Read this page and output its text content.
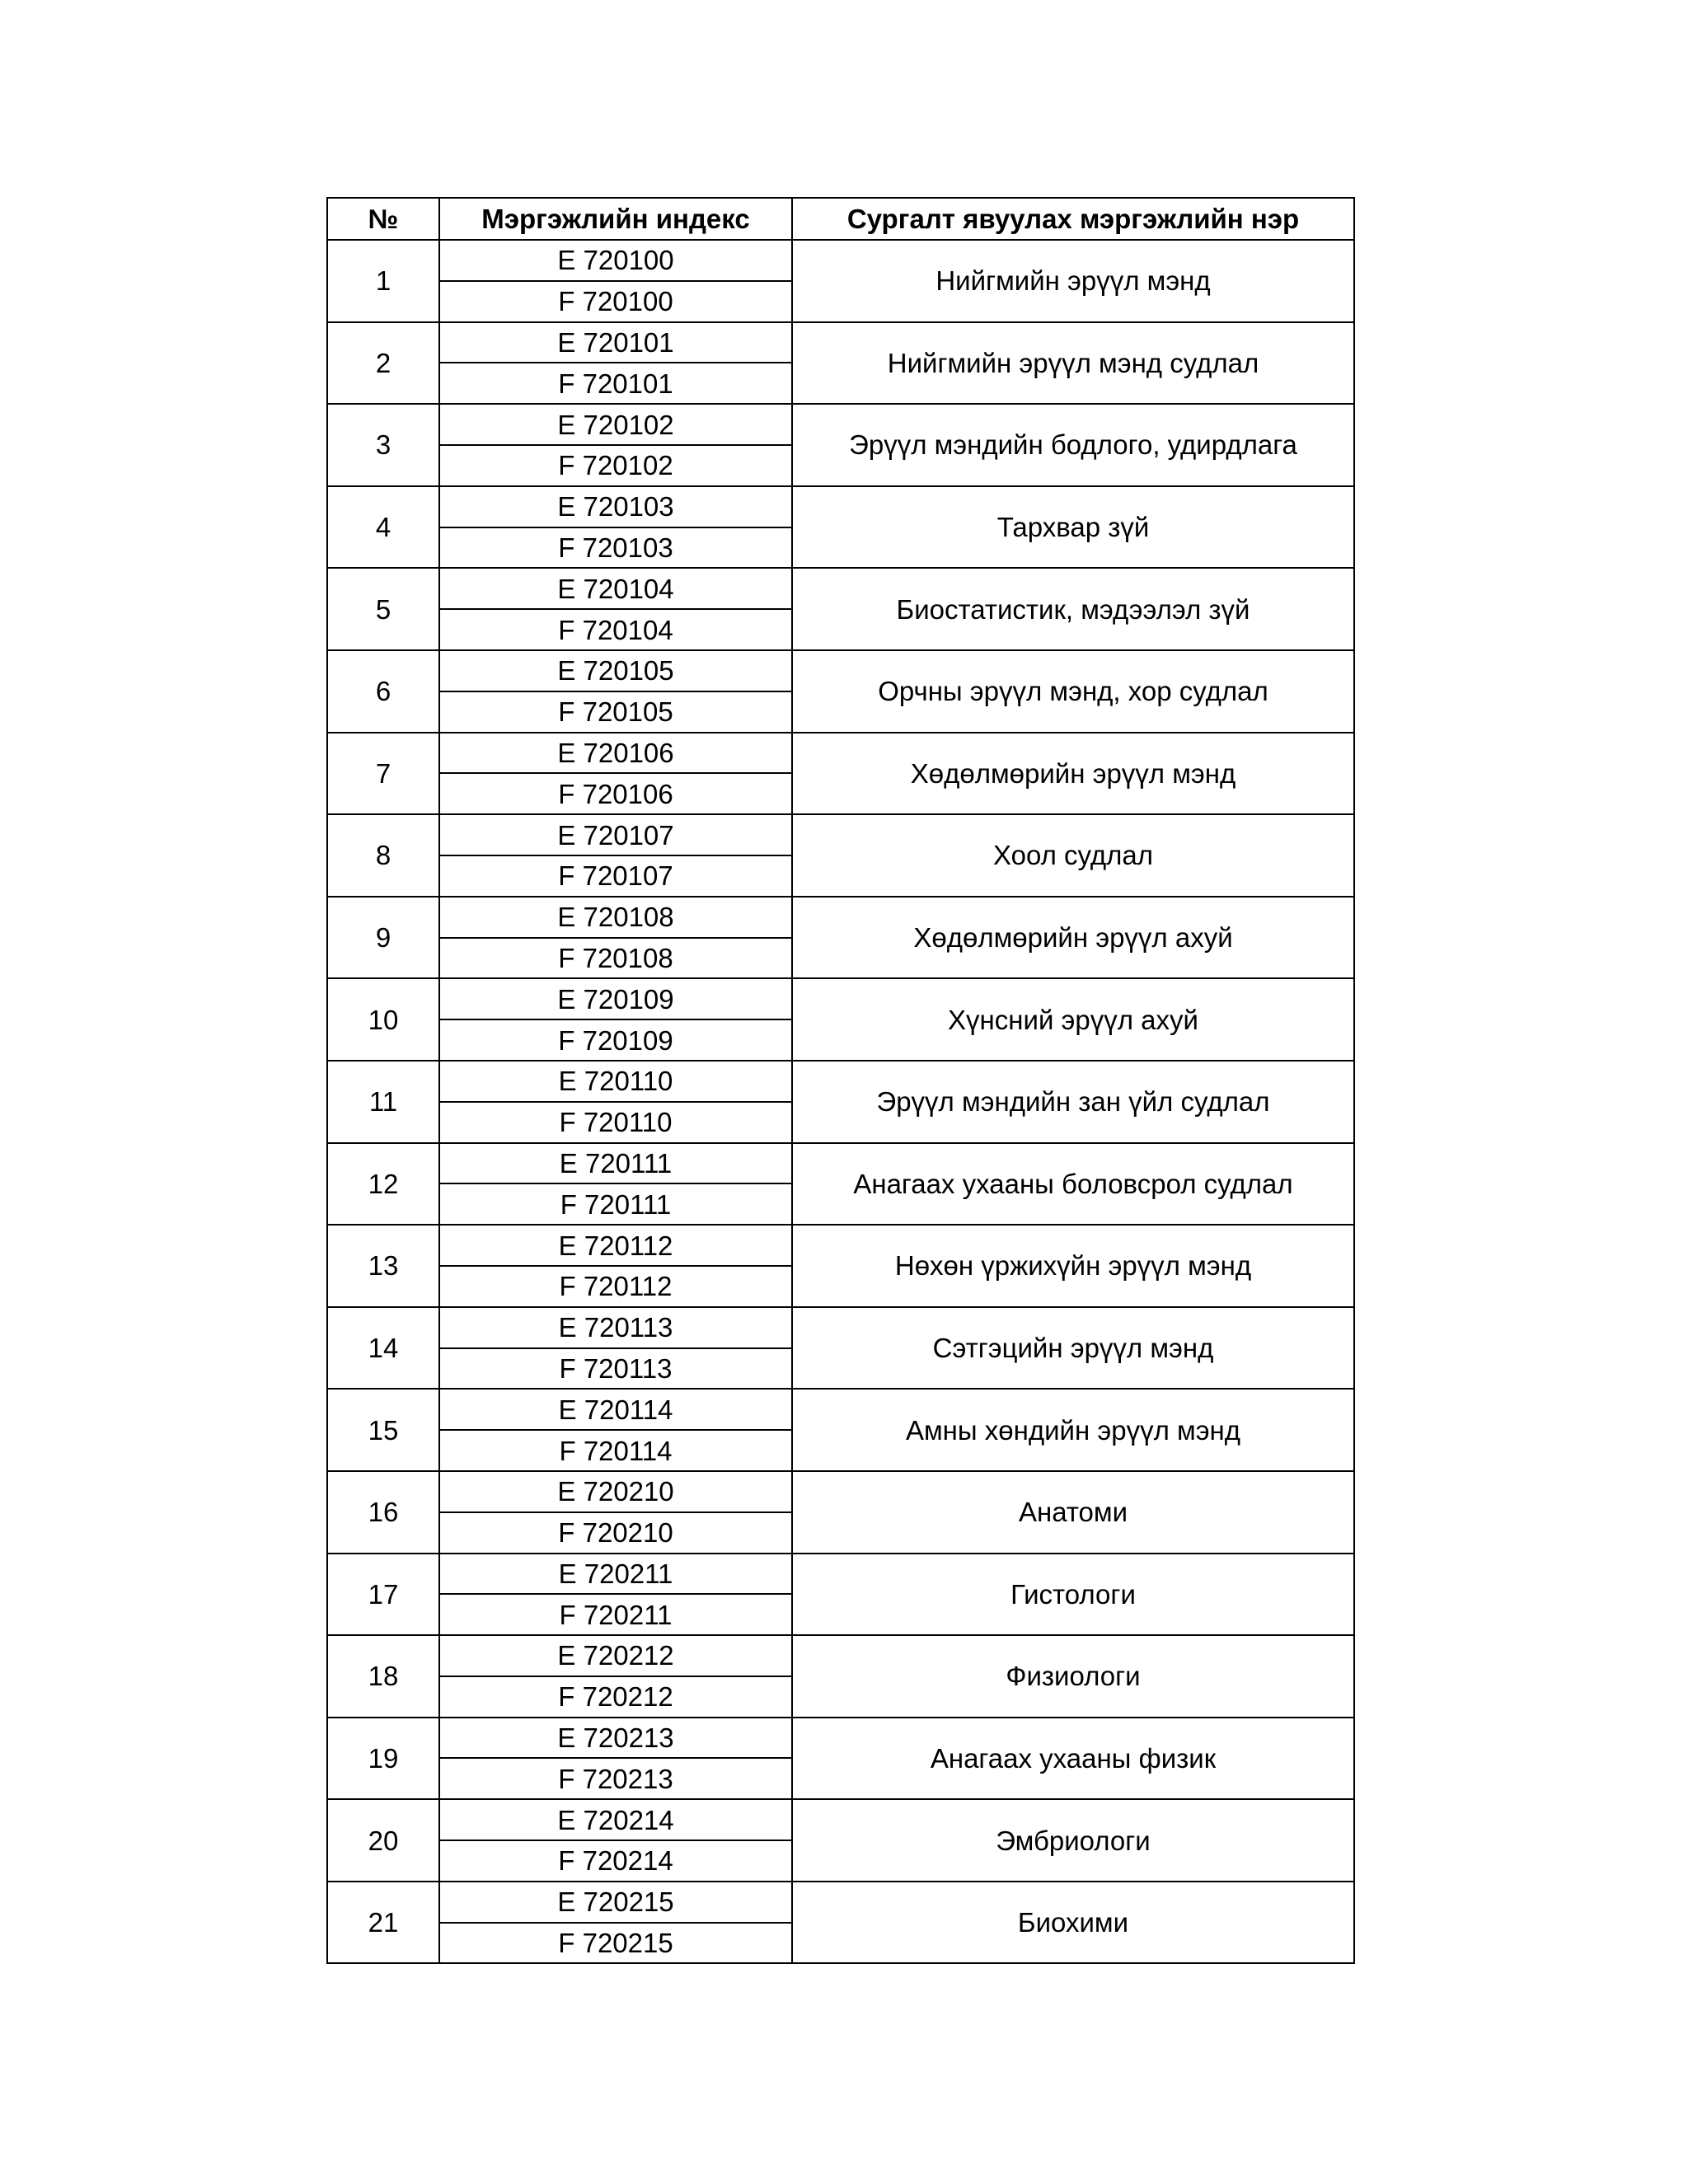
№	Мэргэжлийн индекс	Сургалт явуулах мэргэжлийн нэр
1	E 720100	Нийгмийн эрүүл мэнд
	F 720100	
2	E 720101	Нийгмийн эрүүл мэнд судлал
	F 720101	
3	E 720102	Эрүүл мэндийн бодлого, удирдлага
	F 720102	
4	E 720103	Тархвар зүй
	F 720103	
5	E 720104	Биостатистик, мэдээлэл зүй
	F 720104	
6	E 720105	Орчны эрүүл мэнд, хор судлал
	F 720105	
7	E 720106	Хөдөлмөрийн эрүүл мэнд
	F 720106	
8	E 720107	Хоол судлал
	F 720107	
9	E 720108	Хөдөлмөрийн эрүүл ахуй
	F 720108	
10	E 720109	Хүнсний эрүүл ахуй
	F 720109	
11	E 720110	Эрүүл мэндийн зан үйл судлал
	F 720110	
12	E 720111	Анагаах ухааны боловсрол судлал
	F 720111	
13	E 720112	Нөхөн үржихүйн эрүүл мэнд
	F 720112	
14	E 720113	Сэтгэцийн эрүүл мэнд
	F 720113	
15	E 720114	Амны хөндийн эрүүл мэнд
	F 720114	
16	E 720210	Анатоми
	F 720210	
17	E 720211	Гистологи
	F 720211	
18	E 720212	Физиологи
	F 720212	
19	E 720213	Анагаах ухааны физик
	F 720213	
20	E 720214	Эмбриологи
	F 720214	
21	E 720215	Биохими
	F 720215	
